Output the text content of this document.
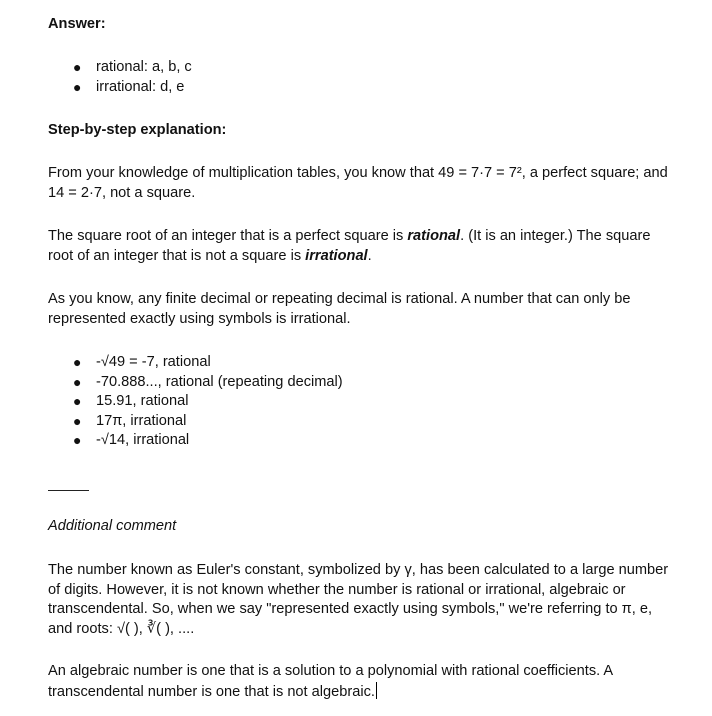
Answer:
● rational: a, b, c
● irrational: d, e
Step-by-step explanation:
From your knowledge of multiplication tables, you know that 49 = 7·7 = 7², a perfect square; and
14 = 2·7, not a square.
The square root of an integer that is a perfect square is rational. (It is an integer.) The square
root of an integer that is not a square is irrational.
As you know, any finite decimal or repeating decimal is rational. A number that can only be
represented exactly using symbols is irrational.
● -√49 = -7, rational
● -70.888..., rational (repeating decimal)
● 15.91, rational
● 17π, irrational
● -√14, irrational
Additional comment
The number known as Euler's constant, symbolized by γ, has been calculated to a large number
of digits. However, it is not known whether the number is rational or irrational, algebraic or
transcendental. So, when we say "represented exactly using symbols," we're referring to π, e,
and roots: √( ), ∛( ), ....
An algebraic number is one that is a solution to a polynomial with rational coefficients. A
transcendental number is one that is not algebraic.
